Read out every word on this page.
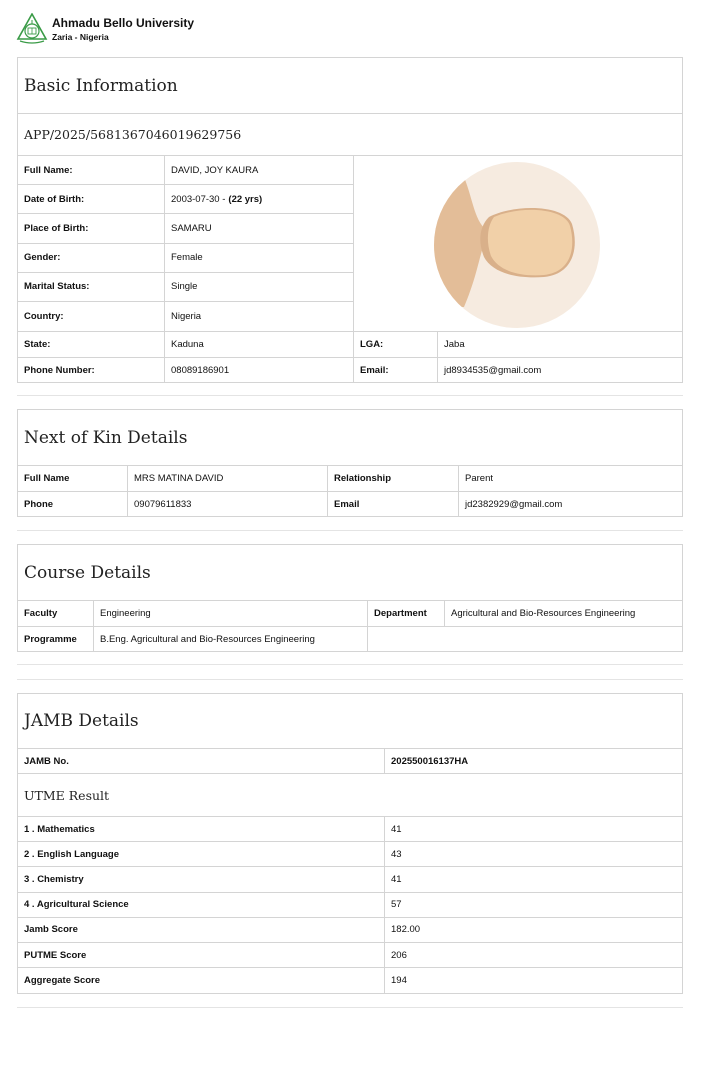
Ahmadu Bello University
Zaria - Nigeria
Basic Information
APP/2025/5681367046019629756
Full Name:	DAVID, JOY KAURA
Date of Birth:	2003-07-30 - (22 yrs)
Place of Birth:	SAMARU
Gender:	Female
Marital Status:	Single
Country:	Nigeria
State:	Kaduna	LGA:	Jaba
Phone Number:	08089186901	Email:	jd8934535@gmail.com
Next of Kin Details
Full Name	MRS MATINA DAVID	Relationship	Parent
Phone	09079611833	Email	jd2382929@gmail.com
Course Details
Faculty	Engineering	Department	Agricultural and Bio-Resources Engineering
Programme	B.Eng. Agricultural and Bio-Resources Engineering
JAMB Details
JAMB No.	202550016137HA
UTME Result
1 . Mathematics	41
2 . English Language	43
3 . Chemistry	41
4 . Agricultural Science	57
Jamb Score	182.00
PUTME Score	206
Aggregate Score	194
